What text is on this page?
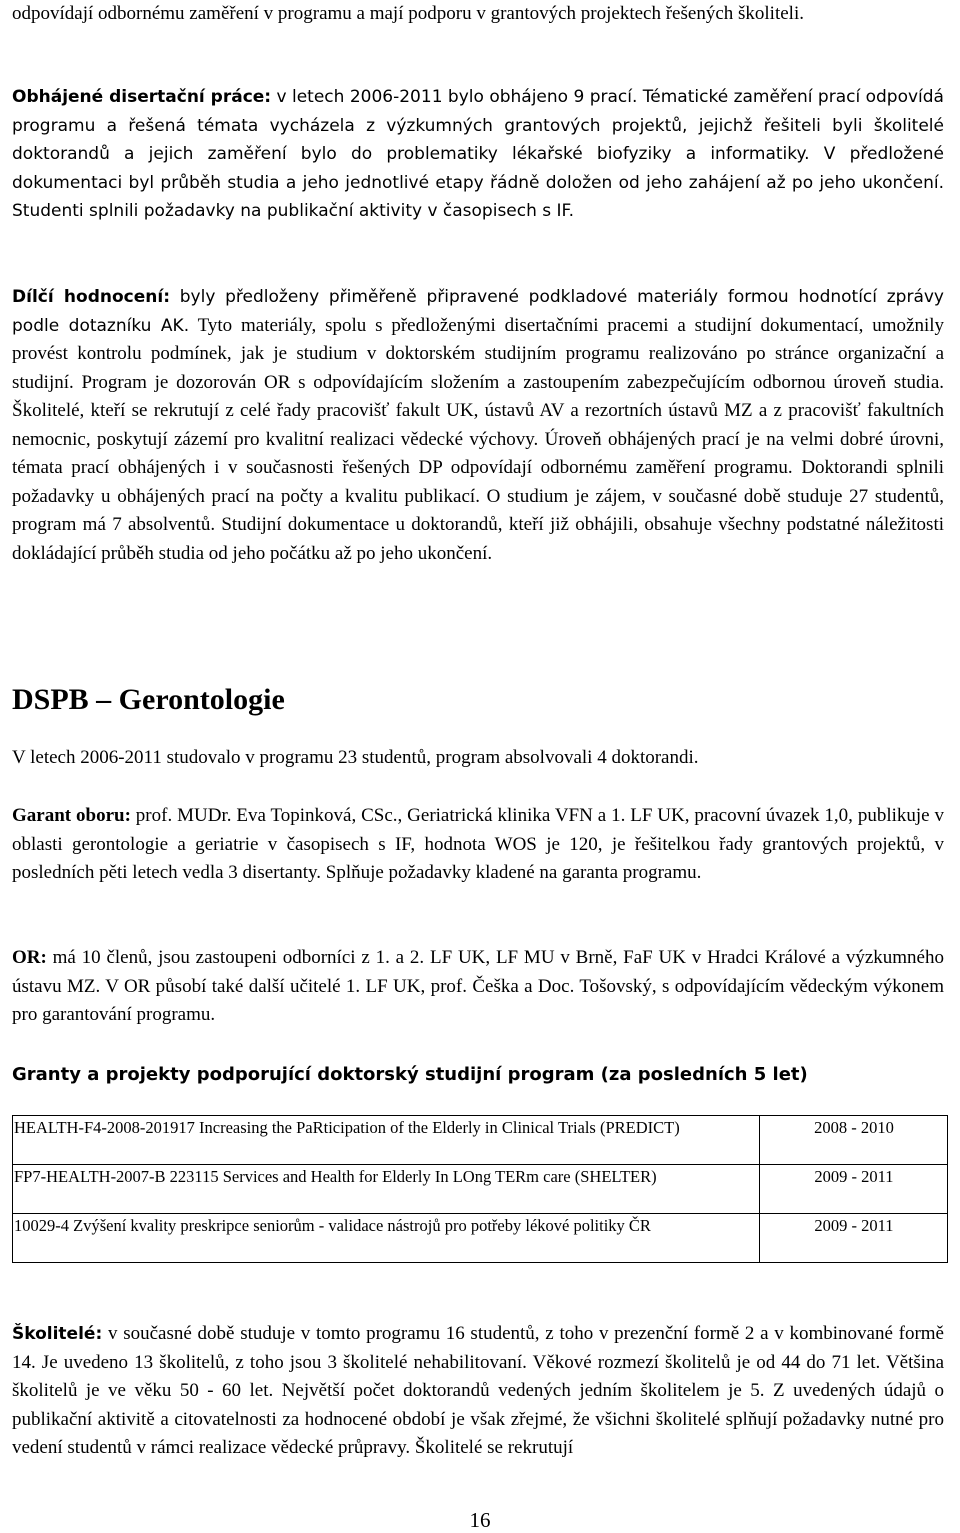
odpovídají odbornému zaměření v programu a mají podporu v grantových projektech řešených školiteli.

Obhájené disertační práce: v letech 2006-2011 bylo obhájeno 9 prací. Tématické zaměření prací odpovídá programu a řešená témata vycházela z výzkumných grantových projektů, jejichž řešiteli byli školitelé doktorandů a jejich zaměření bylo do problematiky lékařské biofyziky a informatiky. V předložené dokumentaci byl průběh studia a jeho jednotlivé etapy řádně doložen od jeho zahájení až po jeho ukončení. Studenti splnili požadavky na publikační aktivity v časopisech s IF.

Dílčí hodnocení: byly předloženy přiměřeně připravené podkladové materiály formou hodnotící zprávy podle dotazníku AK. Tyto materiály, spolu s předloženými disertačními pracemi a studijní dokumentací, umožnily provést kontrolu podmínek, jak je studium v doktorském studijním programu realizováno po stránce organizační a studijní. Program je dozorován OR s odpovídajícím složením a zastoupením zabezpečujícím odbornou úroveň studia. Školitelé, kteří se rekrutují z celé řady pracovišť fakult UK, ústavů AV a rezortních ústavů MZ a z pracovišť fakultních nemocnic, poskytují zázemí pro kvalitní realizaci vědecké výchovy. Úroveň obhájených prací je na velmi dobré úrovni, témata prací obhájených i v současnosti řešených DP odpovídají odbornému zaměření programu. Doktorandi splnili požadavky u obhájených prací na počty a kvalitu publikací. O studium je zájem, v současné době studuje 27 studentů, program má 7 absolventů. Studijní dokumentace u doktorandů, kteří již obhájili, obsahuje všechny podstatné náležitosti dokládající průběh studia od jeho počátku až po jeho ukončení.

DSPB – Gerontologie

V letech 2006-2011 studovalo v programu 23 studentů, program absolvovali 4 doktorandi.

Garant oboru: prof. MUDr. Eva Topinková, CSc., Geriatrická klinika VFN a 1. LF UK, pracovní úvazek 1,0, publikuje v oblasti gerontologie a geriatrie v časopisech s IF, hodnota WOS je 120, je řešitelkou řady grantových projektů, v posledních pěti letech vedla 3 disertanty. Splňuje požadavky kladené na garanta programu.

OR: má 10 členů, jsou zastoupeni odborníci z 1. a 2. LF UK, LF MU v Brně, FaF UK v Hradci Králové a výzkumného ústavu MZ. V OR působí také další učitelé 1. LF UK, prof. Češka a Doc. Tošovský, s odpovídajícím vědeckým výkonem pro garantování programu.

Granty a projekty podporující doktorský studijní program (za posledních 5 let)
HEALTH-F4-2008-201917 Increasing the PaRticipation of the Elderly in Clinical Trials (PREDICT)	2008 - 2010
FP7-HEALTH-2007-B 223115 Services and Health for Elderly In LOng TERm care (SHELTER)	2009 - 2011
10029-4 Zvýšení kvality preskripce seniorům - validace nástrojů pro potřeby lékové politiky ČR	2009 - 2011

Školitelé: v současné době studuje v tomto programu 16 studentů, z toho v prezenční formě 2 a v kombinované formě 14. Je uvedeno 13 školitelů, z toho jsou 3 školitelé nehabilitovaní. Věkové rozmezí školitelů je od 44 do 71 let. Většina školitelů je ve věku 50 - 60 let. Největší počet doktorandů vedených jedním školitelem je 5. Z uvedených údajů o publikační aktivitě a citovatelnosti za hodnocené období je však zřejmé, že všichni školitelé splňují požadavky nutné pro vedení studentů v rámci realizace vědecké průpravy. Školitelé se rekrutují

16
